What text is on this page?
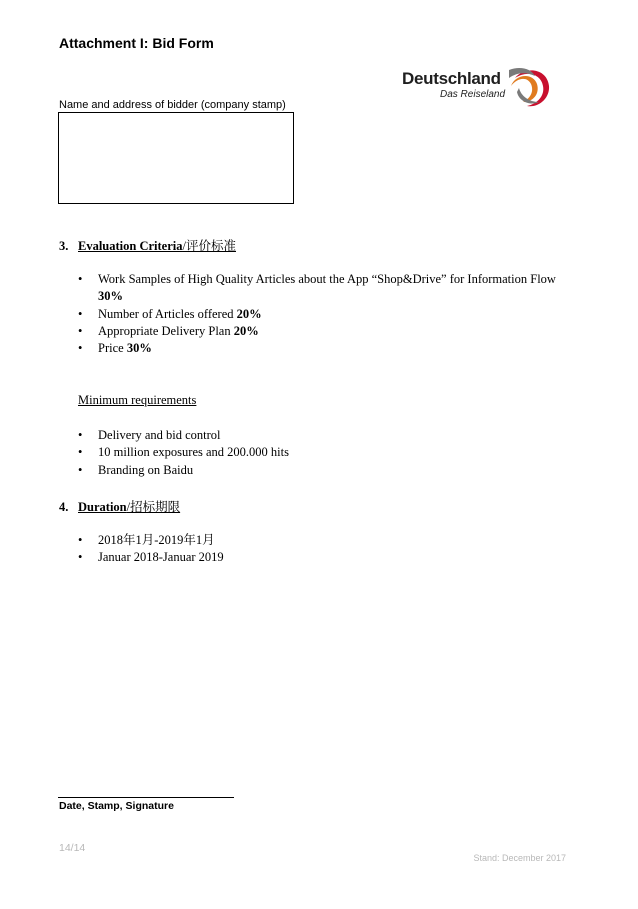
Attachment I: Bid Form
Deutschland
Das Reiseland
Name and address of bidder (company stamp)
3. Evaluation Criteria/评价标准
• Work Samples of High Quality Articles about the App “Shop&Drive” for Information Flow 30%
• Number of Articles offered 20%
• Appropriate Delivery Plan 20%
• Price 30%
Minimum requirements
• Delivery and bid control
• 10 million exposures and 200.000 hits
• Branding on Baidu
4. Duration/招标期限
• 2018年1月-2019年1月
• Januar 2018-Januar 2019
Date, Stamp, Signature
14/14
Stand: December 2017
